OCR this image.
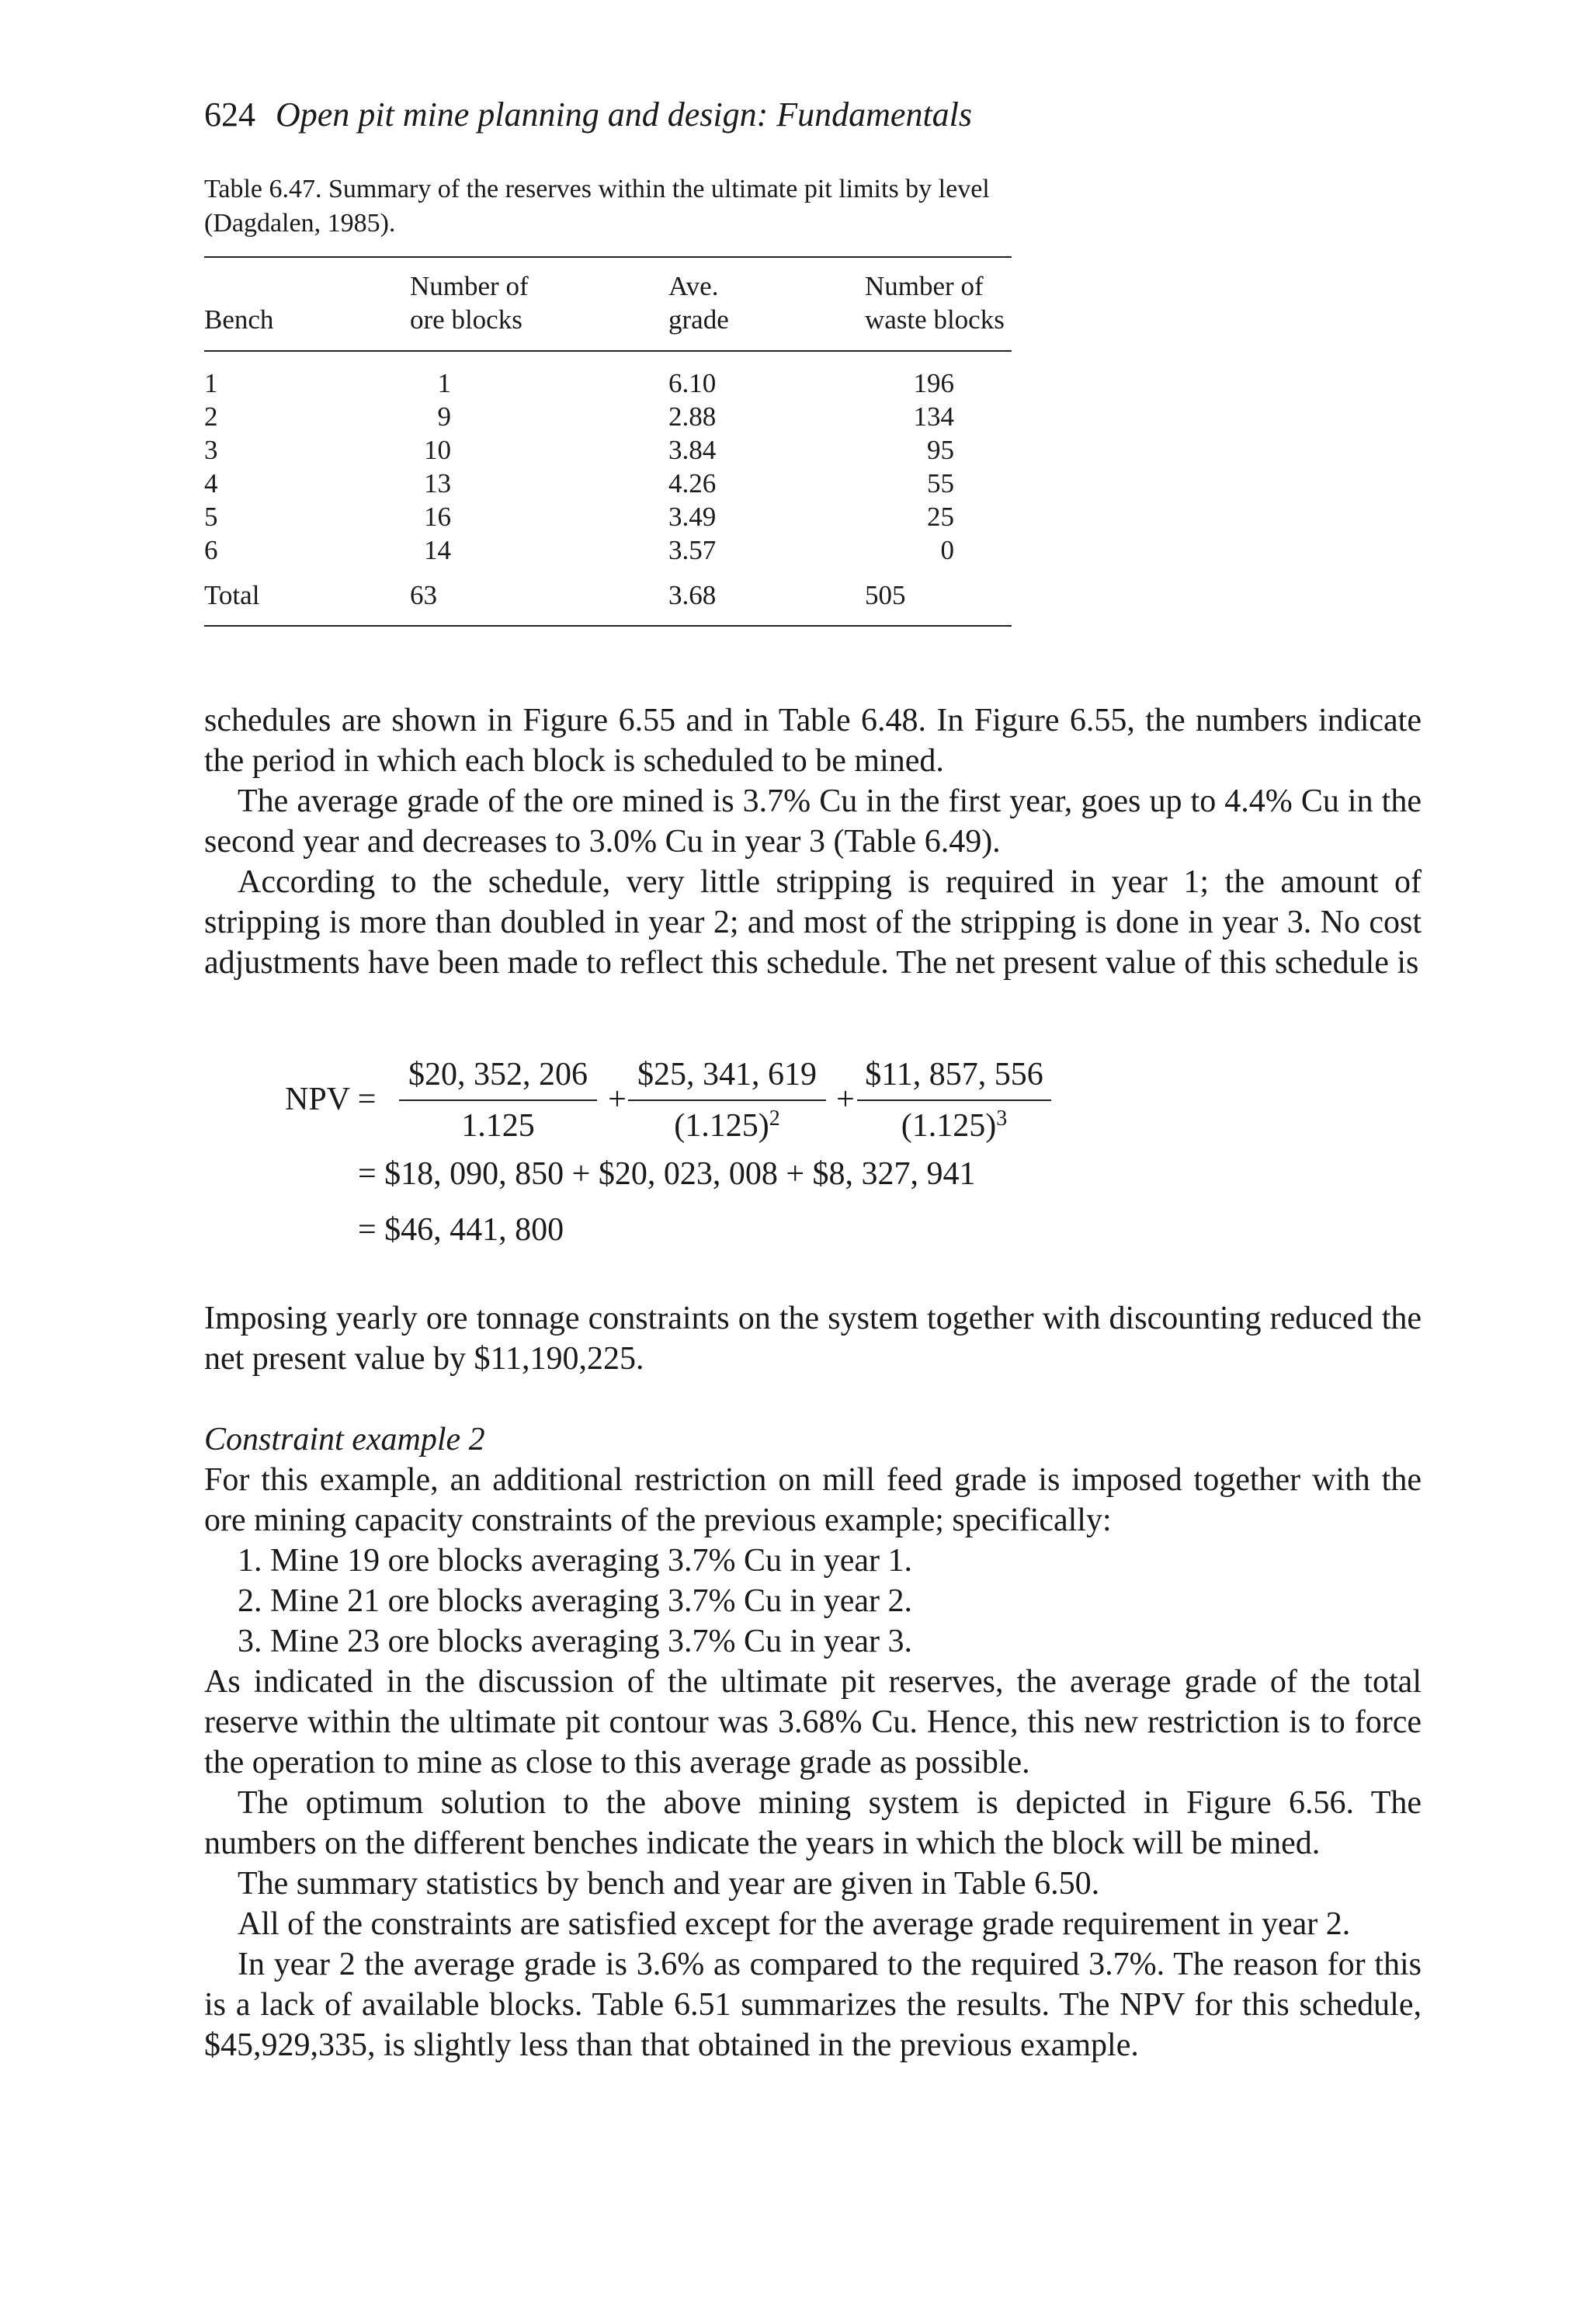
624 Open pit mine planning and design: Fundamentals
Table 6.47. Summary of the reserves within the ultimate pit limits by level (Dagdalen, 1985).
Number of	Ave.	Number of
Bench	ore blocks	grade	waste blocks
1	1	6.10	196
2	9	2.88	134
3	10	3.84	95
4	13	4.26	55
5	16	3.49	25
6	14	3.57	0
Total	63	3.68	505

schedules are shown in Figure 6.55 and in Table 6.48. In Figure 6.55, the numbers indicate the period in which each block is scheduled to be mined.

The average grade of the ore mined is 3.7% Cu in the first year, goes up to 4.4% Cu in the second year and decreases to 3.0% Cu in year 3 (Table 6.49).

According to the schedule, very little stripping is required in year 1; the amount of stripping is more than doubled in year 2; and most of the stripping is done in year 3. No cost adjustments have been made to reflect this schedule. The net present value of this schedule is

NPV =
$20, 352, 206
1.125
+
$25, 341, 619
$(1.125)^2$
+
$11, 857, 556
$(1.125)^3$
= $18, 090, 850 + $20, 023, 008 + $8, 327, 941
= $46, 441, 800

Imposing yearly ore tonnage constraints on the system together with discounting reduced the net present value by $11,190,225.

Constraint example 2

For this example, an additional restriction on mill feed grade is imposed together with the ore mining capacity constraints of the previous example; specifically:

1. Mine 19 ore blocks averaging 3.7% Cu in year 1.

2. Mine 21 ore blocks averaging 3.7% Cu in year 2.

3. Mine 23 ore blocks averaging 3.7% Cu in year 3.

As indicated in the discussion of the ultimate pit reserves, the average grade of the total reserve within the ultimate pit contour was 3.68% Cu. Hence, this new restriction is to force the operation to mine as close to this average grade as possible.

The optimum solution to the above mining system is depicted in Figure 6.56. The numbers on the different benches indicate the years in which the block will be mined.

The summary statistics by bench and year are given in Table 6.50.

All of the constraints are satisfied except for the average grade requirement in year 2.

In year 2 the average grade is 3.6% as compared to the required 3.7%. The reason for this is a lack of available blocks. Table 6.51 summarizes the results. The NPV for this schedule, $45,929,335, is slightly less than that obtained in the previous example.
